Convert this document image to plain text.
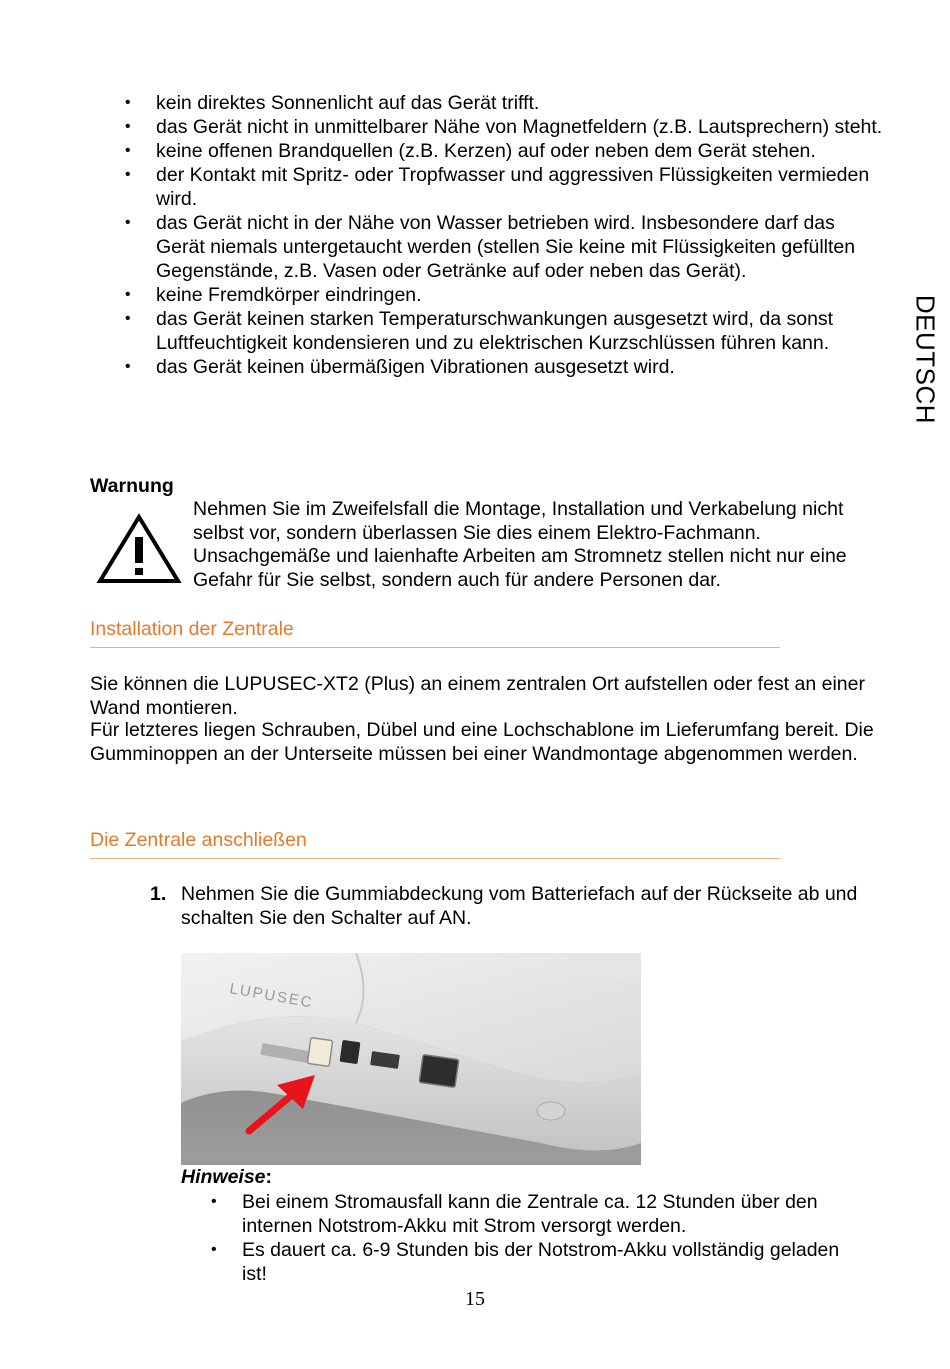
• kein direktes Sonnenlicht auf das Gerät trifft.
• das Gerät nicht in unmittelbarer Nähe von Magnetfeldern (z.B. Lautsprechern) steht.
• keine offenen Brandquellen (z.B. Kerzen) auf oder neben dem Gerät stehen.
• der Kontakt mit Spritz- oder Tropfwasser und aggressiven Flüssigkeiten vermieden wird.
• das Gerät nicht in der Nähe von Wasser betrieben wird. Insbesondere darf das Gerät niemals untergetaucht werden (stellen Sie keine mit Flüssigkeiten gefüllten Gegenstände, z.B. Vasen oder Getränke auf oder neben das Gerät).
• keine Fremdkörper eindringen.
• das Gerät keinen starken Temperaturschwankungen ausgesetzt wird, da sonst Luftfeuchtigkeit kondensieren und zu elektrischen Kurzschlüssen führen kann.
• das Gerät keinen übermäßigen Vibrationen ausgesetzt wird.	DEUTSCH
Warnung
Nehmen Sie im Zweifelsfall die Montage, Installation und Verkabelung nicht selbst vor, sondern überlassen Sie dies einem Elektro-Fachmann. Unsachgemäße und laienhafte Arbeiten am Stromnetz stellen nicht nur eine Gefahr für Sie selbst, sondern auch für andere Personen dar.
Installation der Zentrale
Sie können die LUPUSEC-XT2 (Plus) an einem zentralen Ort aufstellen oder fest an einer Wand montieren.
Für letzteres liegen Schrauben, Dübel und eine Lochschablone im Lieferumfang bereit. Die Gumminoppen an der Unterseite müssen bei einer Wandmontage abgenommen werden.
Die Zentrale anschließen
1. Nehmen Sie die Gummiabdeckung vom Batteriefach auf der Rückseite ab und schalten Sie den Schalter auf AN.
LUPUSEC
Hinweise:
• Bei einem Stromausfall kann die Zentrale ca. 12 Stunden über den internen Notstrom-Akku mit Strom versorgt werden.
• Es dauert ca. 6-9 Stunden bis der Notstrom-Akku vollständig geladen ist!
15
